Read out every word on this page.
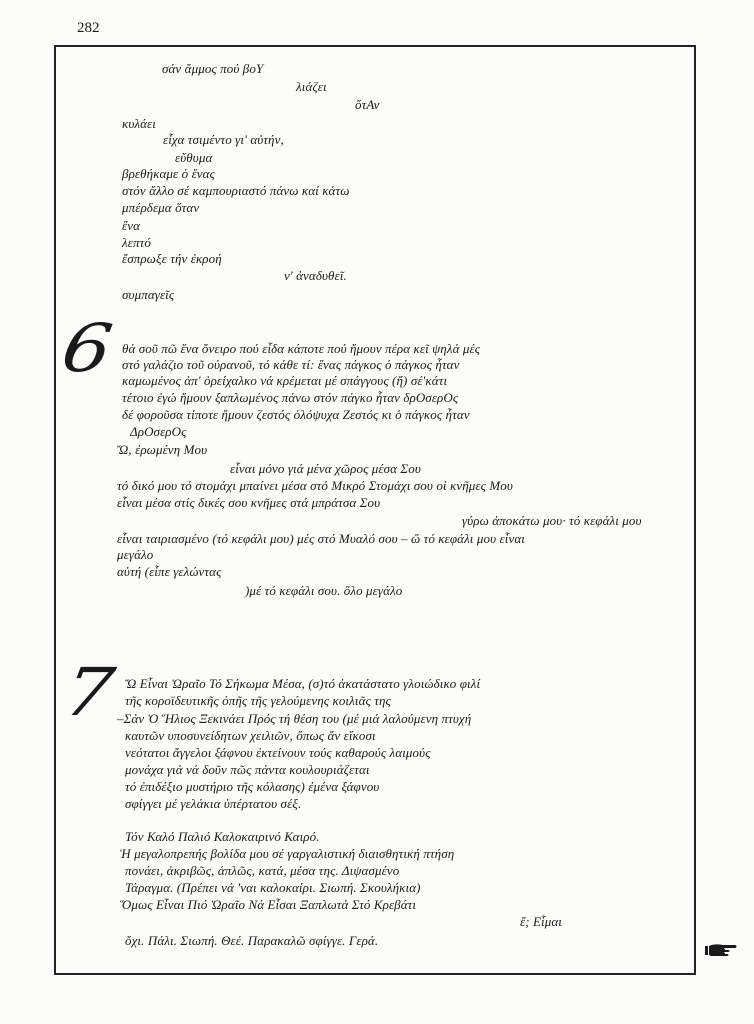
282
σάν ἄμμος πού βοΥ
λιάζει
ὅτΑν
κυλάει
εἶχα τσιμέντο γι' αὐτήν,
εὔθυμα
βρεθήκαμε ὁ ἕνας
στόν ἄλλο σέ καμπουριαστό πάνω καί κάτω
μπέρδεμα ὅταν
ἕνα
λεπτό
ἔσπρωξε τήν ἐκροή
ν' ἀναδυθεῖ.
συμπαγεῖς
6 θά σοῦ πῶ ἕνα ὄνειρο πού εἶδα κάποτε πού ἤμουν πέρα κεῖ ψηλά μές
στό γαλάζιο τοῦ οὐρανοῦ, τό κάθε τί: ἕνας πάγκος ὁ πάγκος ἦταν
καμωμένος ἀπ' ὀρείχαλκο νά κρέμεται μέ σπάγγους (ἤ) σέ'κάτι
τέτοιο ἐγώ ἤμουν ξαπλωμένος πάνω στόν πάγκο ἦταν δρΟσερΟς
δέ φοροῦσα τίποτε ἤμουν ζεστός ὁλόψυχα Ζεστός κι ὁ πάγκος ἦταν
ΔρΟσερΟς
Ὤ, ἐρωμένη Μου
εἶναι μόνο γιά μένα χῶρος μέσα Σου
τό δικό μου τό στομάχι μπαίνει μέσα στό Μικρό Στομάχι σου οἱ κνῆμες Μου
εἶναι μέσα στίς δικές σου κνῆμες στά μπράτσα Σου
γύρω ἀποκάτω μου· τό κεφάλι μου
εἶναι ταιριασμένο (τό κεφάλι μου) μές στό Μυαλό σου – ὤ τό κεφάλι μου εἶναι
μεγάλο
αὐτή (εἶπε γελώντας
)μέ τό κεφάλι σου. ὅλο μεγάλο
7 Ὤ Εἶναι Ὡραῖο Τό Σήκωμα Μέσα, (σ)τό ἀκατάστατο γλοιώδικο φιλί
τῆς κοροϊδευτικῆς ὀπῆς τῆς γελούμενης κοιλιᾶς της
–Σάν Ὁ Ἥλιος Ξεκινάει Πρός τή θέση του (μέ μιά λαλούμενη πτυχή
καυτῶν υποσυνείδητων χειλιῶν, ὅπως ἄν εἴκοσι
νεότατοι ἄγγελοι ξάφνου ἐκτείνουν τούς καθαρούς λαιμούς
μονάχα γιά νά δοῦν πῶς πάντα κουλουριάζεται
τό ἐπιδέξιο μυστήριο τῆς κόλασης) ἐμένα ξάφνου
σφίγγει μέ γελάκια ὑπέρτατου σέξ.
Τόν Καλό Παλιό Καλοκαιρινό Καιρό.
Ἡ μεγαλοπρεπής βολίδα μου σέ γαργαλιστική διαισθητική πτήση
πονάει, ἀκριβῶς, ἁπλῶς, κατά, μέσα της. Διψασμένο
Τάραγμα. (Πρέπει νά 'ναι καλοκαίρι. Σιωπή. Σκουλήκια)
Ὅμως Εἶναι Πιό Ὡραῖο Νά Εἶσαι Ξαπλωτά Στό Κρεβάτι
ἔ; Εἶμαι
ὄχι. Πάλι. Σιωπή. Θεέ. Παρακαλῶ σφίγγε. Γερά.
